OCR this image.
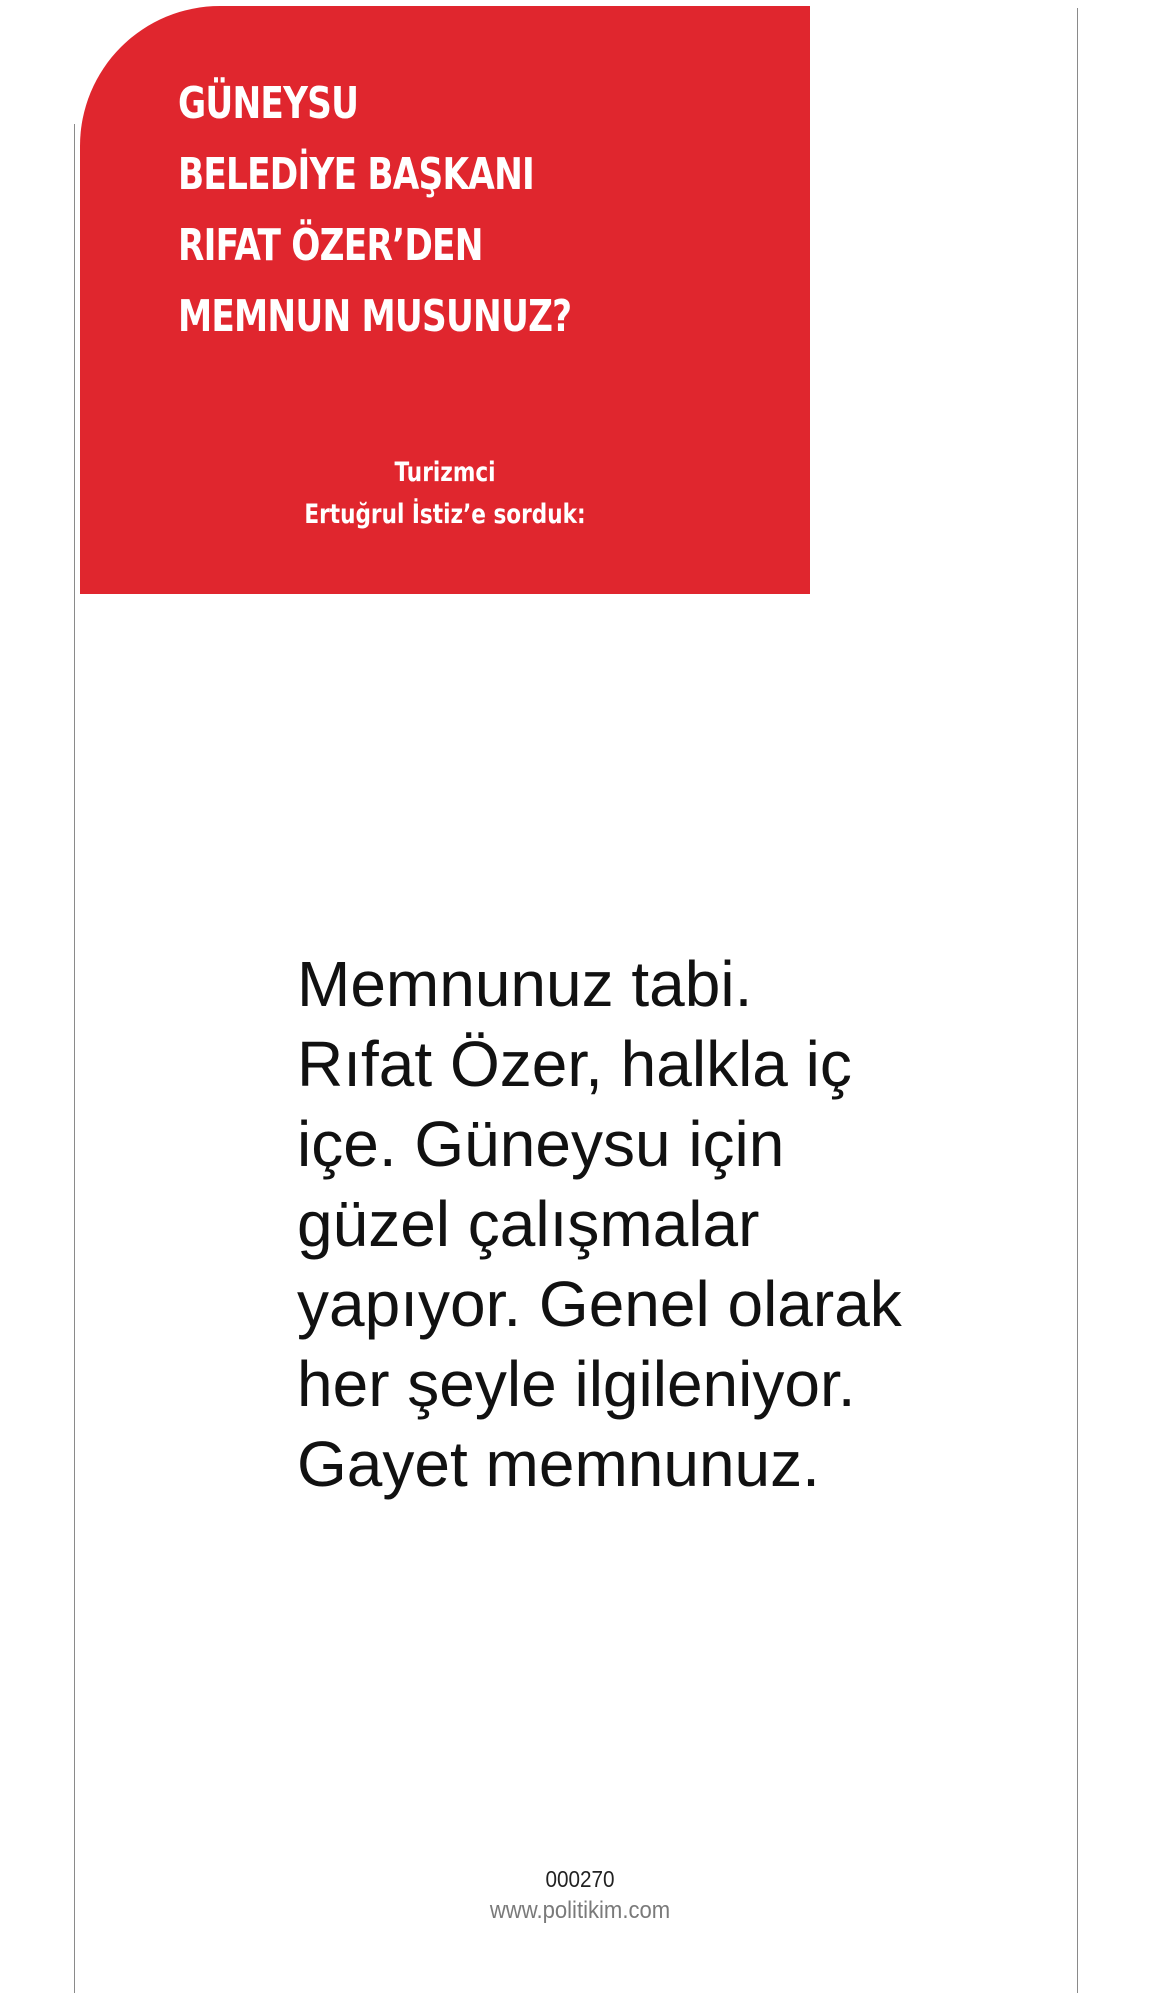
GÜNEYSU
BELEDİYE BAŞKANI
RIFAT ÖZER’DEN
MEMNUN MUSUNUZ?
Turizmci
Ertuğrul İstiz’e sorduk:

Memnunuz tabi.
Rıfat Özer, halkla iç
içe. Güneysu için
güzel çalışmalar
yapıyor. Genel olarak
her şeyle ilgileniyor.
Gayet memnunuz.

000270
www.politikim.com
